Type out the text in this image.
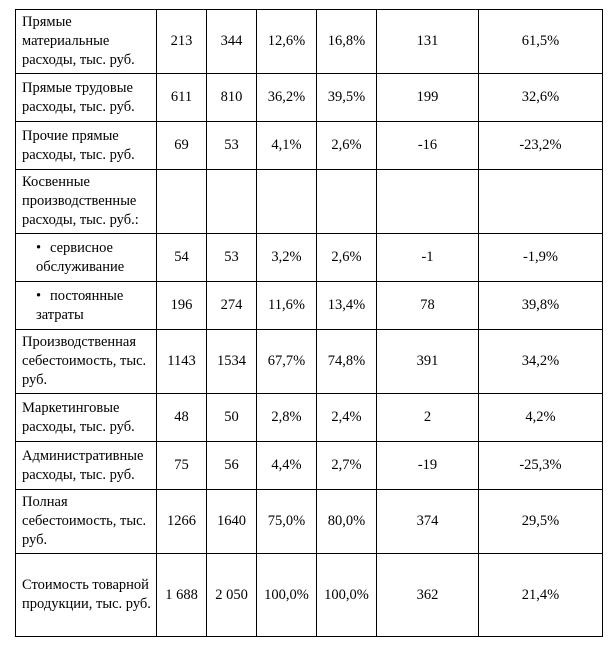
Прямые материальные расходы, тыс. руб.	213	344	12,6%	16,8%	131	61,5%
Прямые трудовые расходы, тыс. руб.	611	810	36,2%	39,5%	199	32,6%
Прочие прямые расходы, тыс. руб.	69	53	4,1%	2,6%	-16	-23,2%
Косвенные производственные расходы, тыс. руб.:						
• сервисное обслуживание	54	53	3,2%	2,6%	-1	-1,9%
• постоянные затраты	196	274	11,6%	13,4%	78	39,8%
Производственная себестоимость, тыс. руб.	1143	1534	67,7%	74,8%	391	34,2%
Маркетинговые расходы, тыс. руб.	48	50	2,8%	2,4%	2	4,2%
Административные расходы, тыс. руб.	75	56	4,4%	2,7%	-19	-25,3%
Полная себестоимость, тыс. руб.	1266	1640	75,0%	80,0%	374	29,5%
Стоимость товарной продукции, тыс. руб.	1 688	2 050	100,0%	100,0%	362	21,4%
